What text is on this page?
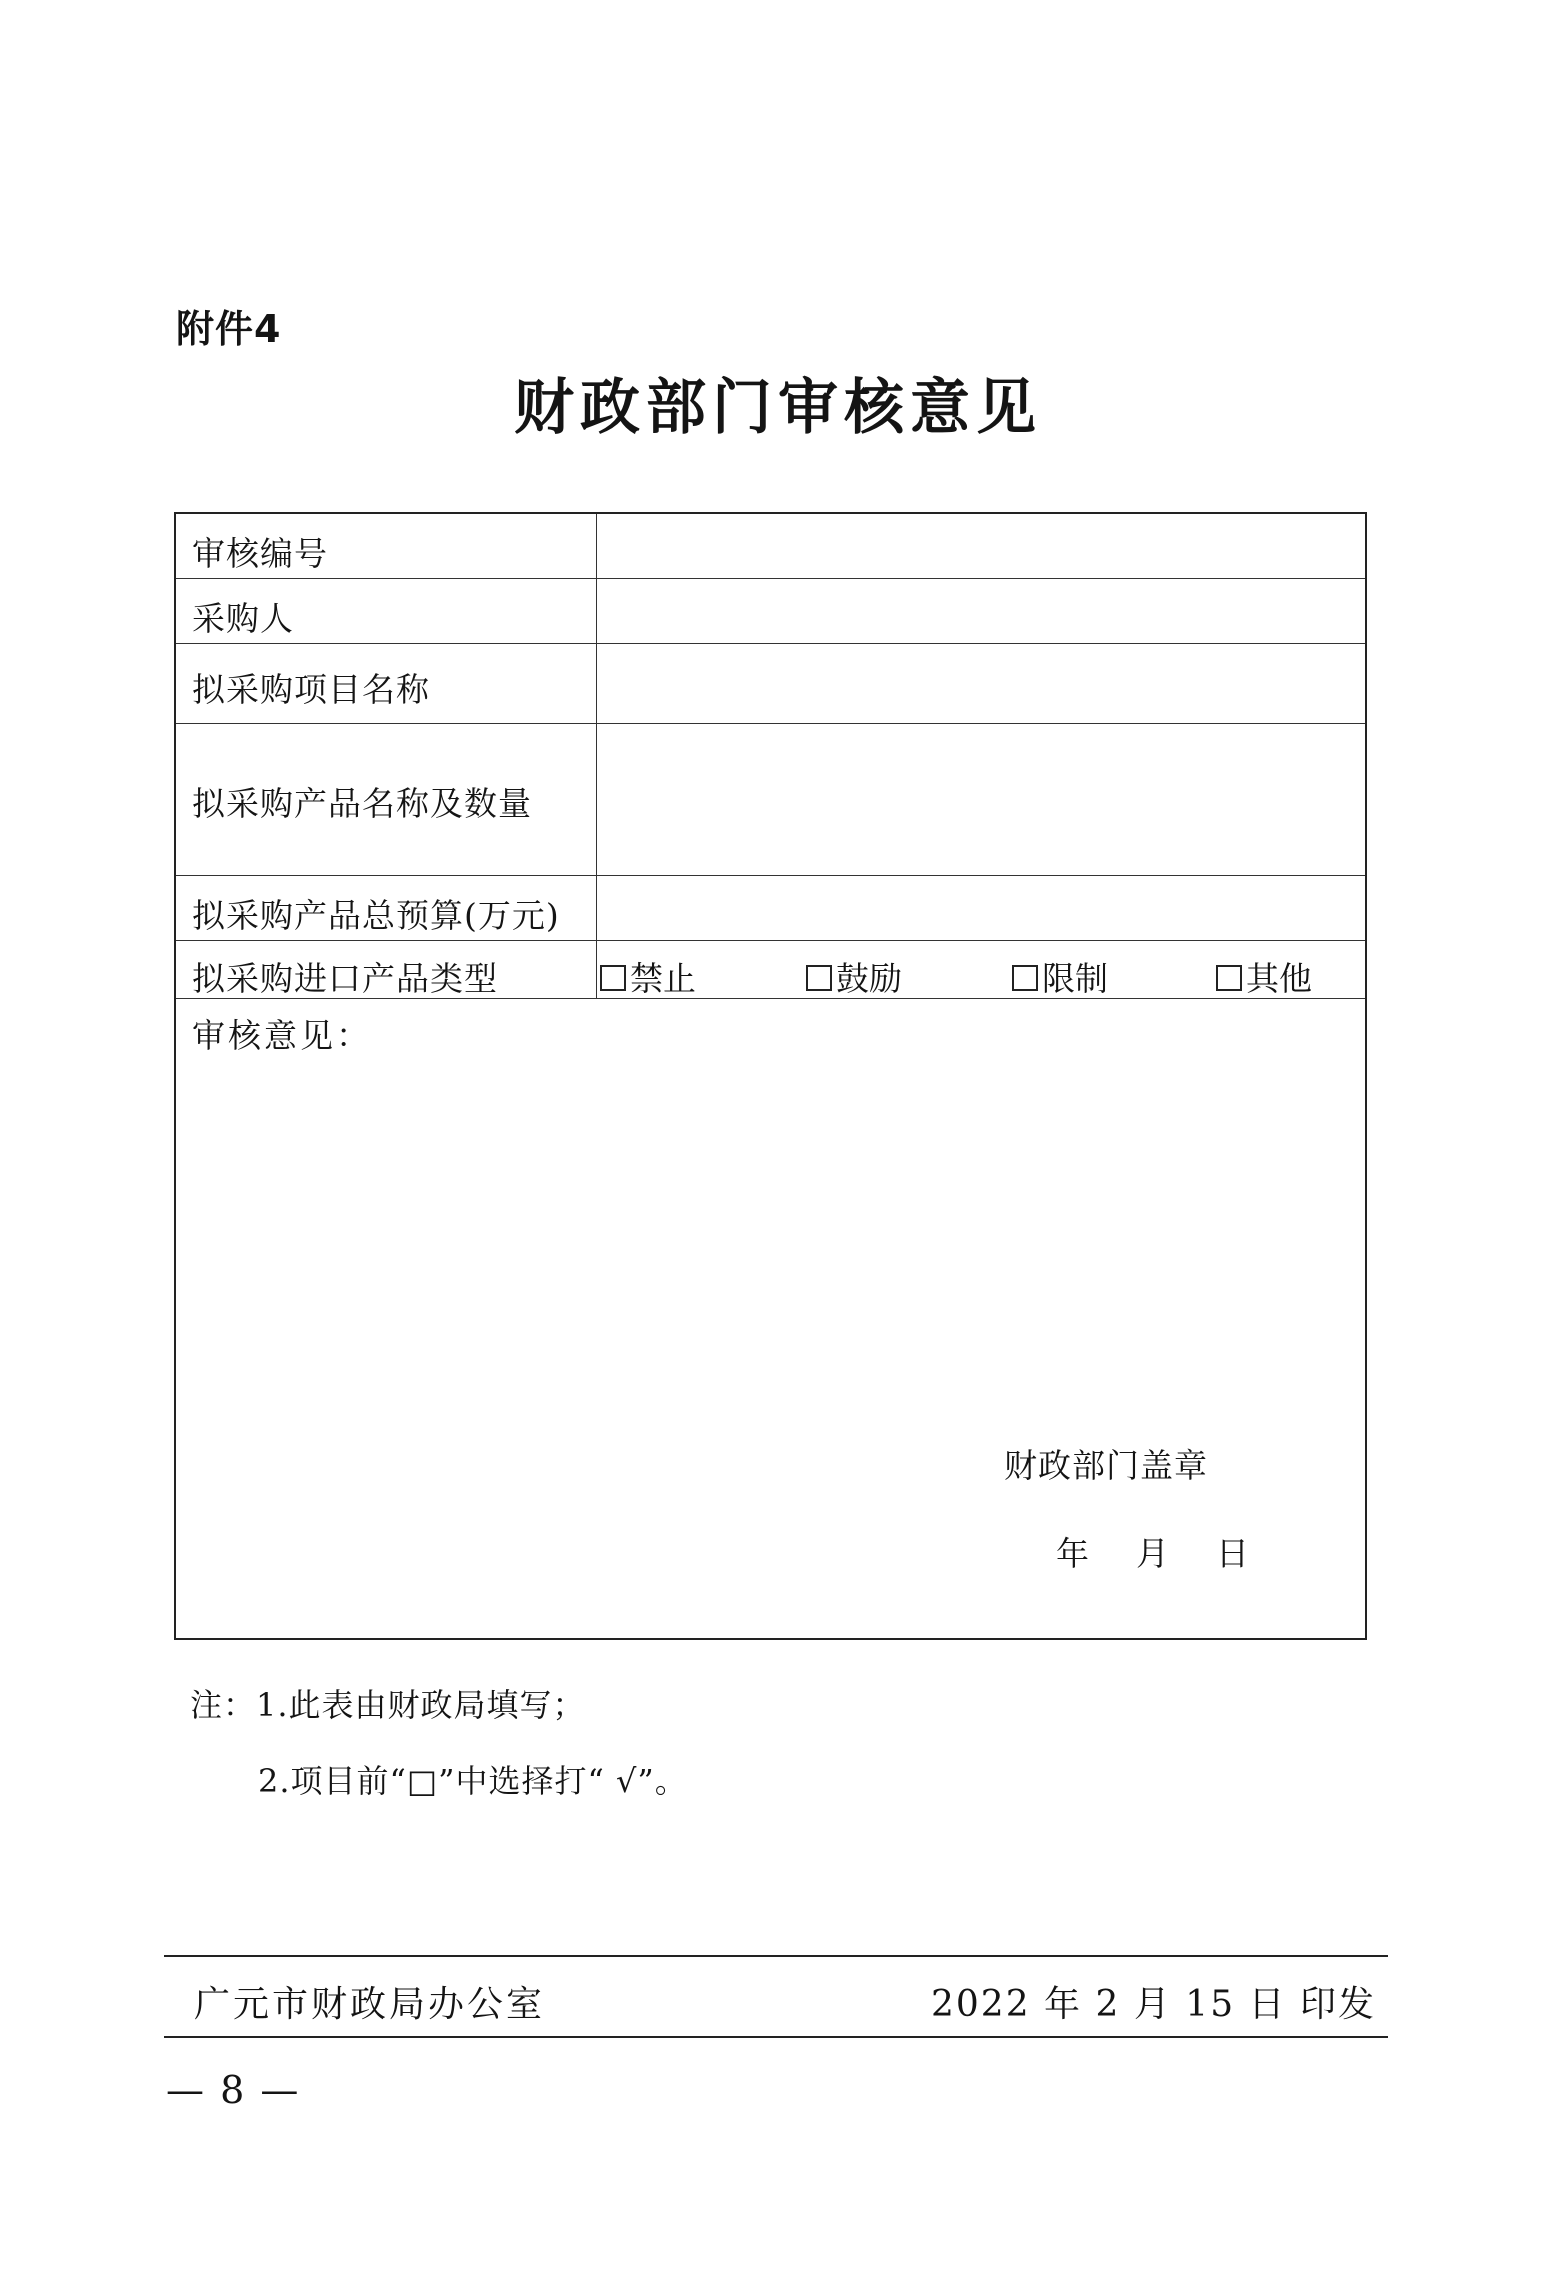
附件4
财政部门审核意见
审核编号
采购人
拟采购项目名称
拟采购产品名称及数量
拟采购产品总预算(万元)
拟采购进口产品类型	禁止	鼓励	限制	其他
审核意见：
财政部门盖章
年 月 日
注：1.此表由财政局填写；
2.项目前“□”中选择打“ √”。
广元市财政局办公室	2022 年 2 月 15 日 印发
— 8 —
